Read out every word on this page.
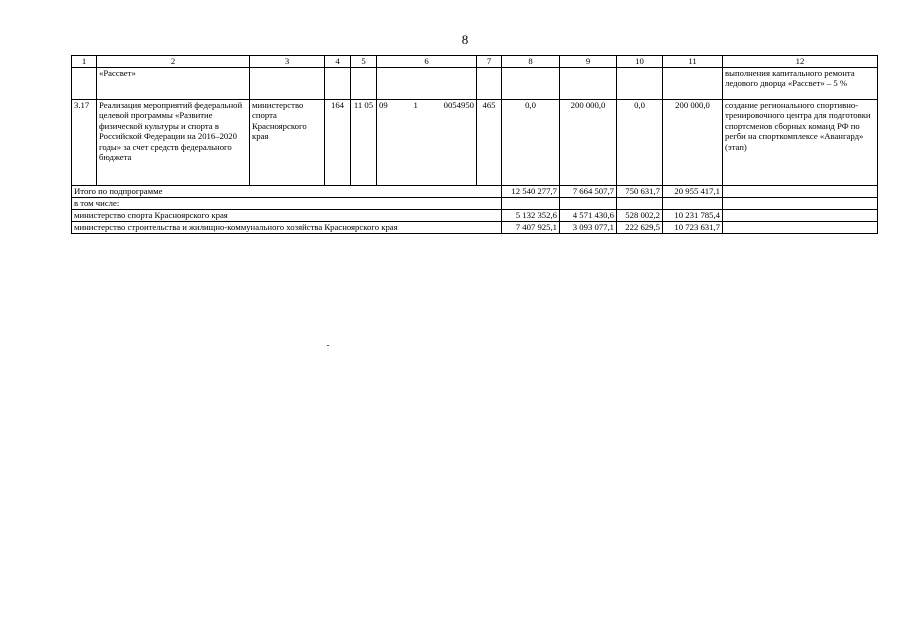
8
1	2	3	4	5	6	7	8	9	10	11	12
	«Рассвет»										выполнения капитального ремонта ледового дворца «Рассвет» – 5 %
3.17	Реализация мероприятий федеральной целевой программы «Развитие физической культуры и спорта в Российской Федерации на 2016–2020 годы» за счет средств федерального бюджета	министерство спорта Красноярского края	164	11 05	09 1 0054950	465	0,0	200 000,0	0,0	200 000,0	создание регионального спортивно-тренировочного центра для подготовки спортсменов сборных команд РФ по регби на спорткомплексе «Авангард» (этап)
Итого по подпрограмме							12 540 277,7	7 664 507,7	750 631,7	20 955 417,1	
в том числе:											
министерство спорта Красноярского края							5 132 352,6	4 571 430,6	528 002,2	10 231 785,4	
министерство строительства и жилищно-коммунального хозяйства Красноярского края							7 407 925,1	3 093 077,1	222 629,5	10 723 631,7	
